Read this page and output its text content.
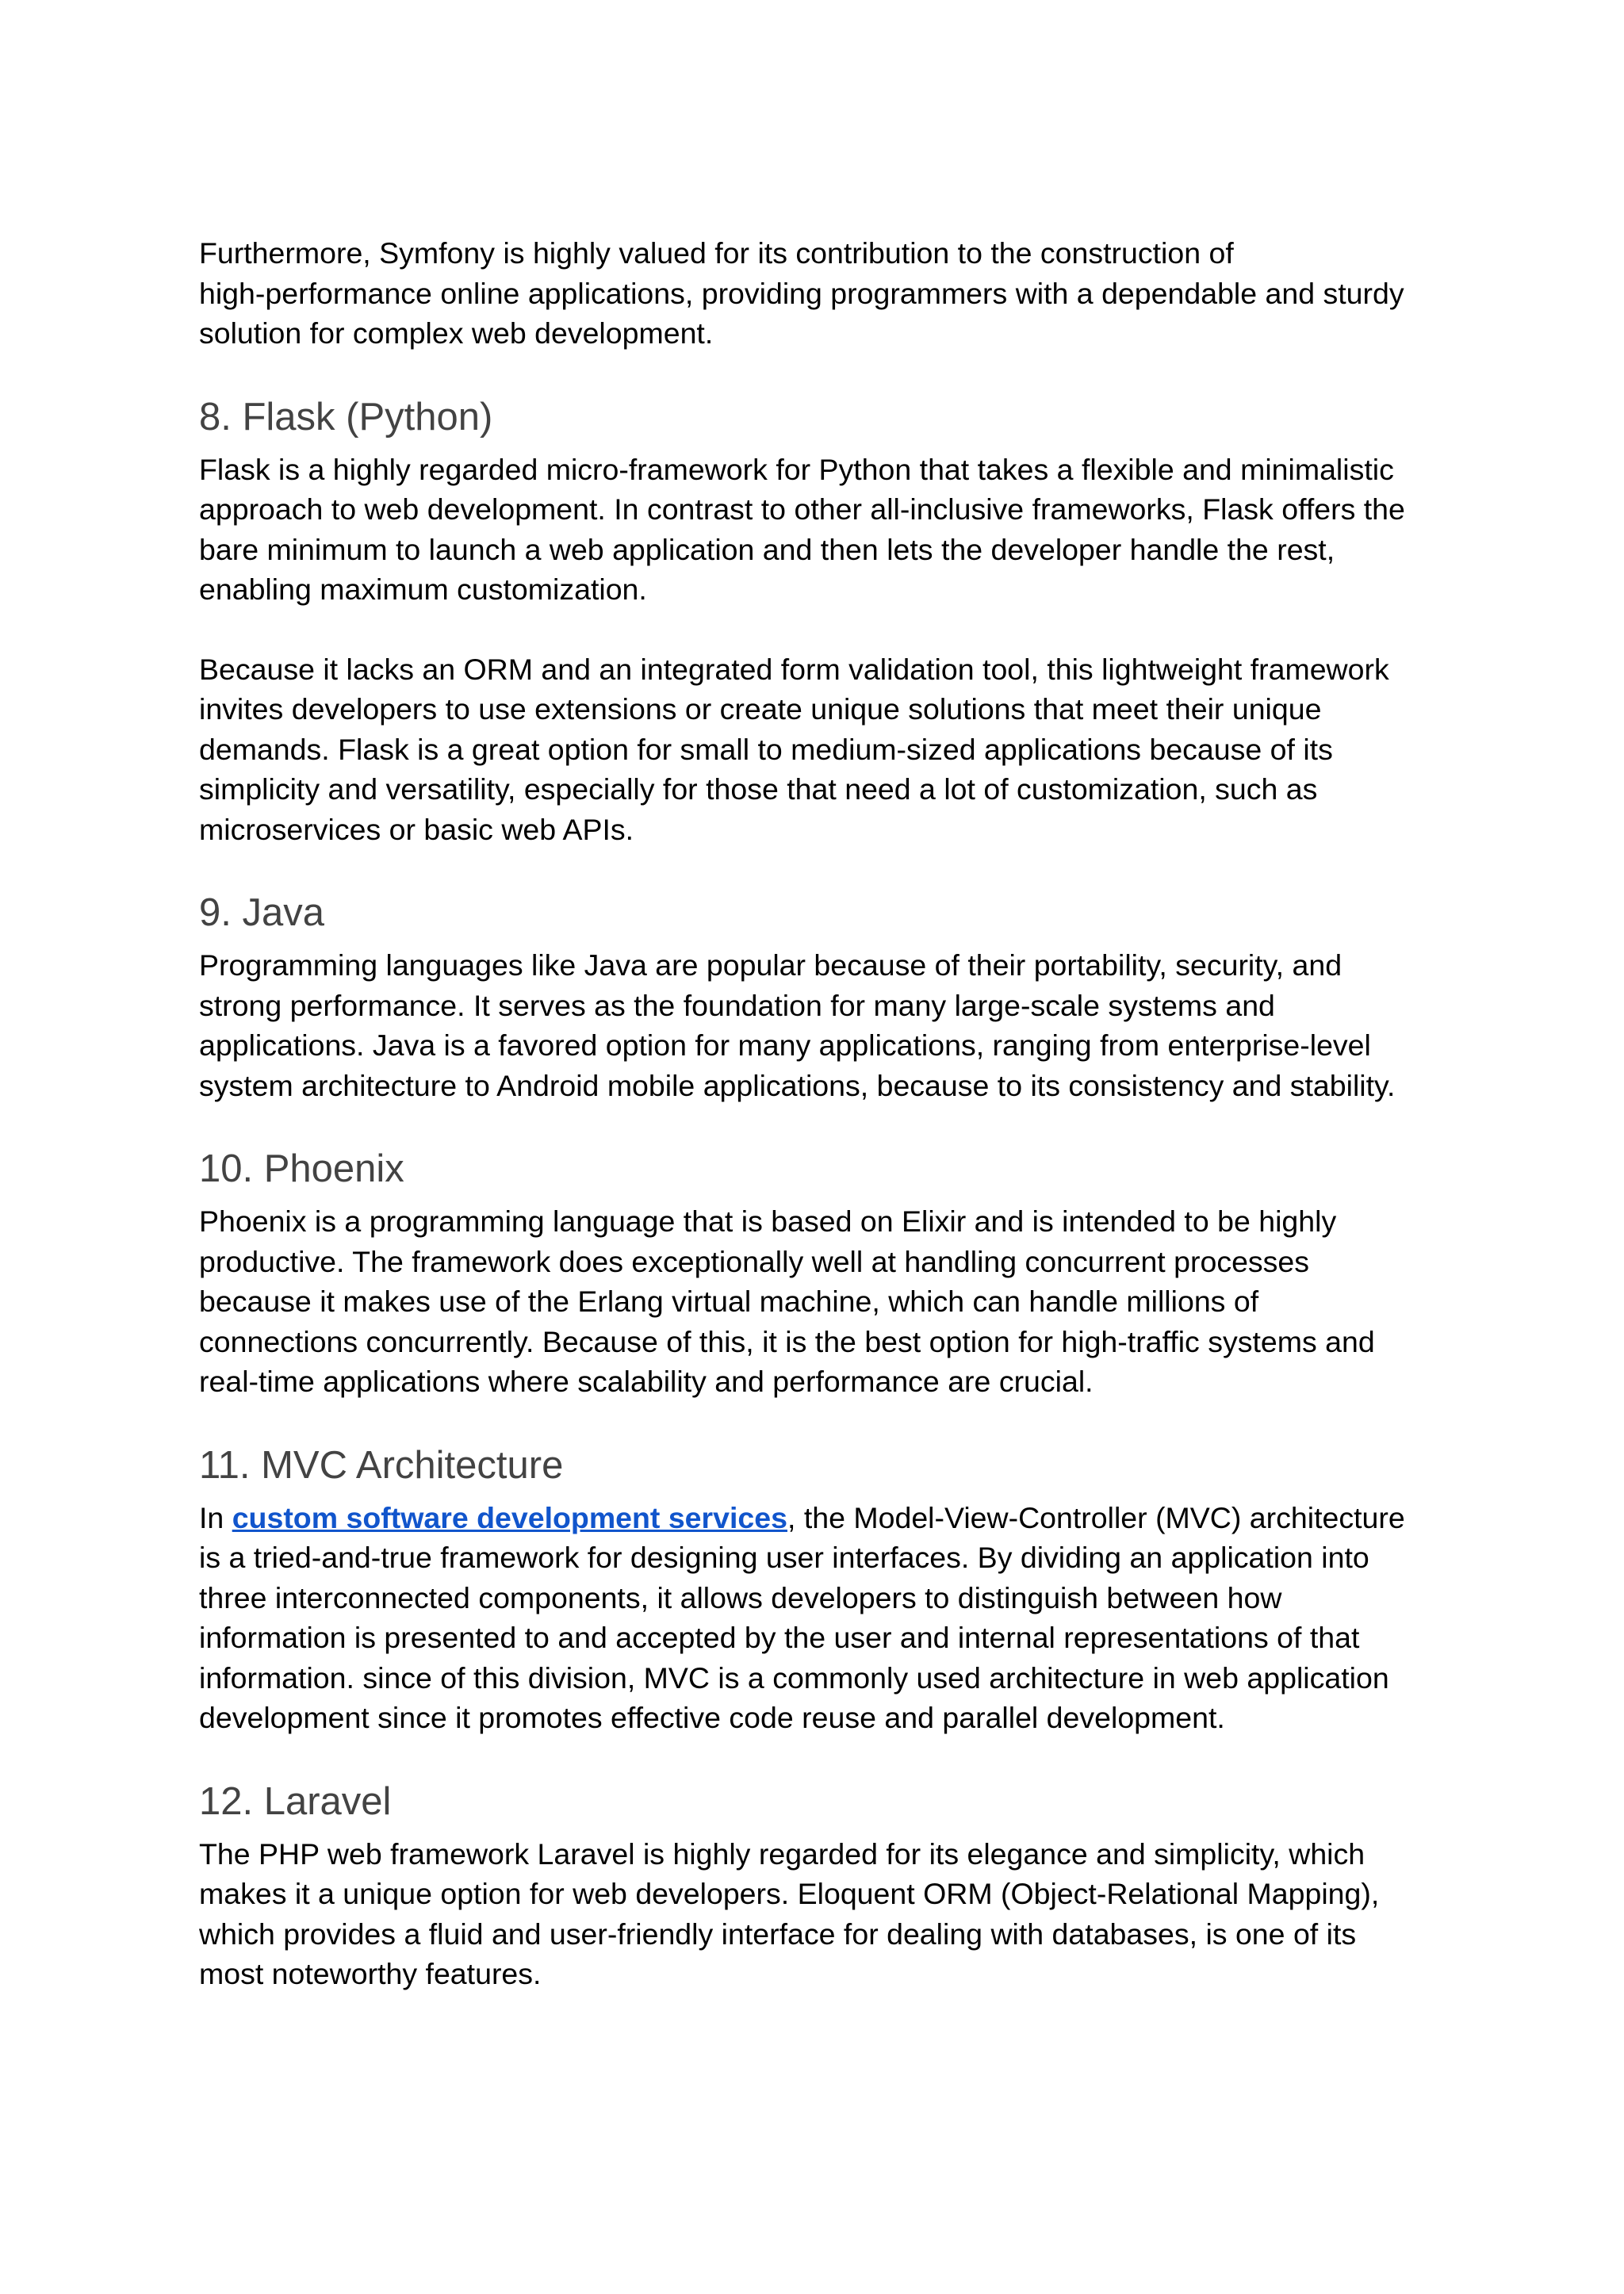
Furthermore, Symfony is highly valued for its contribution to the construction of
high-performance online applications, providing programmers with a dependable and sturdy
solution for complex web development.
8. Flask (Python)
Flask is a highly regarded micro-framework for Python that takes a flexible and minimalistic
approach to web development. In contrast to other all-inclusive frameworks, Flask offers the
bare minimum to launch a web application and then lets the developer handle the rest,
enabling maximum customization.
Because it lacks an ORM and an integrated form validation tool, this lightweight framework
invites developers to use extensions or create unique solutions that meet their unique
demands. Flask is a great option for small to medium-sized applications because of its
simplicity and versatility, especially for those that need a lot of customization, such as
microservices or basic web APIs.
9. Java
Programming languages like Java are popular because of their portability, security, and
strong performance. It serves as the foundation for many large-scale systems and
applications. Java is a favored option for many applications, ranging from enterprise-level
system architecture to Android mobile applications, because to its consistency and stability.
10. Phoenix
Phoenix is a programming language that is based on Elixir and is intended to be highly
productive. The framework does exceptionally well at handling concurrent processes
because it makes use of the Erlang virtual machine, which can handle millions of
connections concurrently. Because of this, it is the best option for high-traffic systems and
real-time applications where scalability and performance are crucial.
11. MVC Architecture
In custom software development services, the Model-View-Controller (MVC) architecture
is a tried-and-true framework for designing user interfaces. By dividing an application into
three interconnected components, it allows developers to distinguish between how
information is presented to and accepted by the user and internal representations of that
information. since of this division, MVC is a commonly used architecture in web application
development since it promotes effective code reuse and parallel development.
12. Laravel
The PHP web framework Laravel is highly regarded for its elegance and simplicity, which
makes it a unique option for web developers. Eloquent ORM (Object-Relational Mapping),
which provides a fluid and user-friendly interface for dealing with databases, is one of its
most noteworthy features.
